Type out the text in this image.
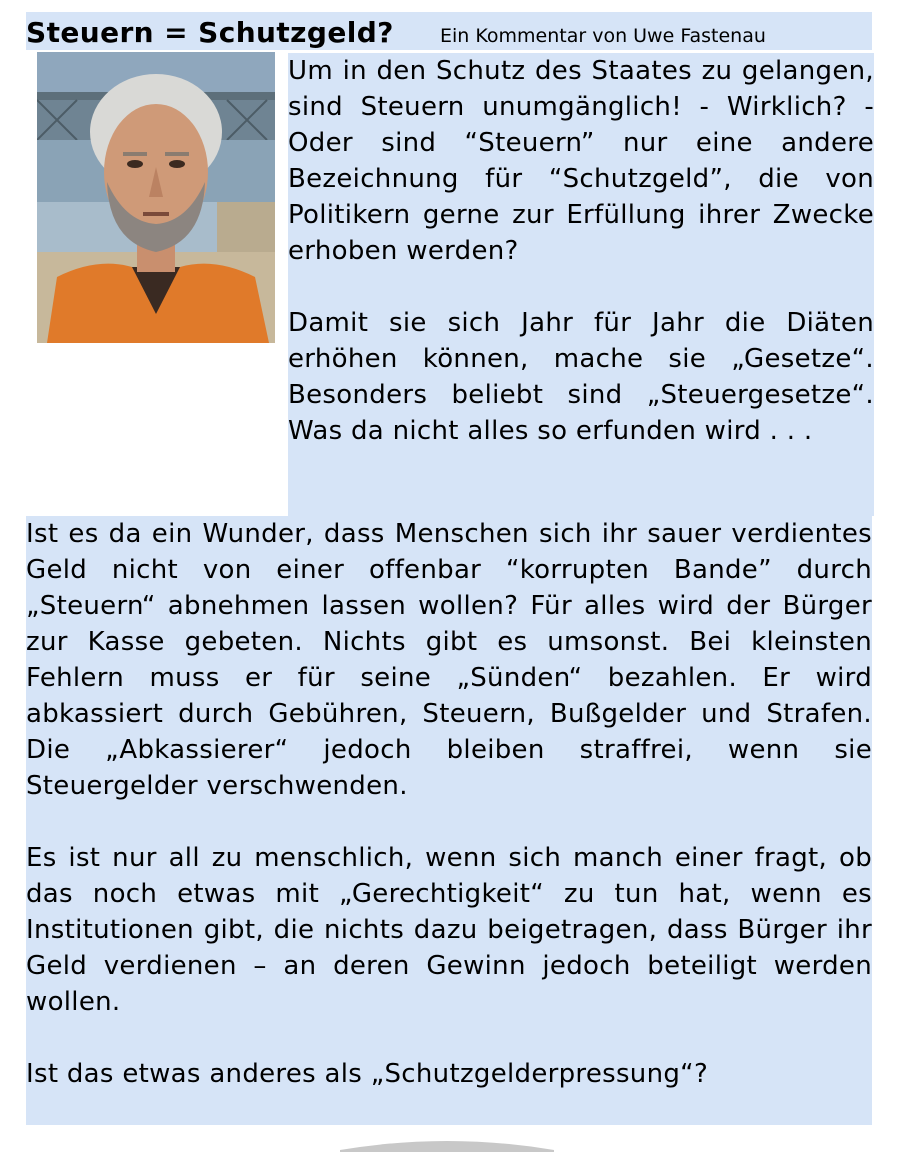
Steuern = Schutzgeld? Ein Kommentar von Uwe Fastenau

Um in den Schutz des Staates zu gelangen, sind Steuern unumgänglich! - Wirklich? - Oder sind “Steuern” nur eine andere Bezeichnung für “Schutzgeld”, die von Politikern gerne zur Erfüllung ihrer Zwecke erhoben werden?

Damit sie sich Jahr für Jahr die Diäten erhöhen können, mache sie „Gesetze“. Besonders beliebt sind „Steuergesetze“. Was da nicht alles so erfunden wird . . .

Ist es da ein Wunder, dass Menschen sich ihr sauer verdientes Geld nicht von einer offenbar “korrupten Bande” durch „Steuern“ abnehmen lassen wollen? Für alles wird der Bürger zur Kasse gebeten. Nichts gibt es umsonst. Bei kleinsten Fehlern muss er für seine „Sünden“ bezahlen. Er wird abkassiert durch Gebühren, Steuern, Bußgelder und Strafen. Die „Abkassierer“ jedoch bleiben straffrei, wenn sie Steuergelder verschwenden.

Es ist nur all zu menschlich, wenn sich manch einer fragt, ob das noch etwas mit „Gerechtigkeit“ zu tun hat, wenn es Institutionen gibt, die nichts dazu beigetragen, dass Bürger ihr Geld verdienen – an deren Gewinn jedoch beteiligt werden wollen.

Ist das etwas anderes als „Schutzgelderpressung“?
